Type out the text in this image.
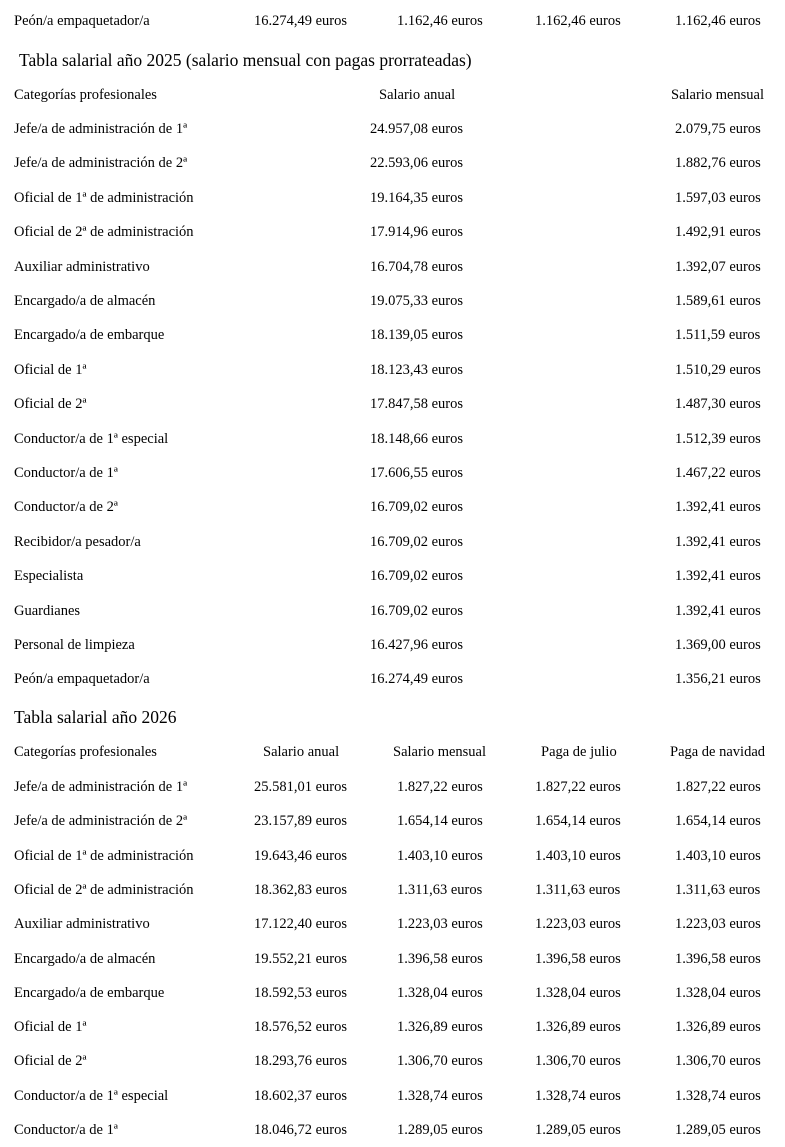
Peón/a empaquetador/a	16.274,49 euros	1.162,46 euros	1.162,46 euros	1.162,46 euros
Tabla salarial año 2025 (salario mensual con pagas prorrateadas)
Categorías profesionales	Salario anual	Salario mensual
Jefe/a de administración de 1ª	24.957,08 euros	2.079,75 euros
Jefe/a de administración de 2ª	22.593,06 euros	1.882,76 euros
Oficial de 1ª de administración	19.164,35 euros	1.597,03 euros
Oficial de 2ª de administración	17.914,96 euros	1.492,91 euros
Auxiliar administrativo	16.704,78 euros	1.392,07 euros
Encargado/a de almacén	19.075,33 euros	1.589,61 euros
Encargado/a de embarque	18.139,05 euros	1.511,59 euros
Oficial de 1ª	18.123,43 euros	1.510,29 euros
Oficial de 2ª	17.847,58 euros	1.487,30 euros
Conductor/a de 1ª especial	18.148,66 euros	1.512,39 euros
Conductor/a de 1ª	17.606,55 euros	1.467,22 euros
Conductor/a de 2ª	16.709,02 euros	1.392,41 euros
Recibidor/a pesador/a	16.709,02 euros	1.392,41 euros
Especialista	16.709,02 euros	1.392,41 euros
Guardianes	16.709,02 euros	1.392,41 euros
Personal de limpieza	16.427,96 euros	1.369,00 euros
Peón/a empaquetador/a	16.274,49 euros	1.356,21 euros
Tabla salarial año 2026
Categorías profesionales	Salario anual	Salario mensual	Paga de julio	Paga de navidad
Jefe/a de administración de 1ª	25.581,01 euros	1.827,22 euros	1.827,22 euros	1.827,22 euros
Jefe/a de administración de 2ª	23.157,89 euros	1.654,14 euros	1.654,14 euros	1.654,14 euros
Oficial de 1ª de administración	19.643,46 euros	1.403,10 euros	1.403,10 euros	1.403,10 euros
Oficial de 2ª de administración	18.362,83 euros	1.311,63 euros	1.311,63 euros	1.311,63 euros
Auxiliar administrativo	17.122,40 euros	1.223,03 euros	1.223,03 euros	1.223,03 euros
Encargado/a de almacén	19.552,21 euros	1.396,58 euros	1.396,58 euros	1.396,58 euros
Encargado/a de embarque	18.592,53 euros	1.328,04 euros	1.328,04 euros	1.328,04 euros
Oficial de 1ª	18.576,52 euros	1.326,89 euros	1.326,89 euros	1.326,89 euros
Oficial de 2ª	18.293,76 euros	1.306,70 euros	1.306,70 euros	1.306,70 euros
Conductor/a de 1ª especial	18.602,37 euros	1.328,74 euros	1.328,74 euros	1.328,74 euros
Conductor/a de 1ª	18.046,72 euros	1.289,05 euros	1.289,05 euros	1.289,05 euros
